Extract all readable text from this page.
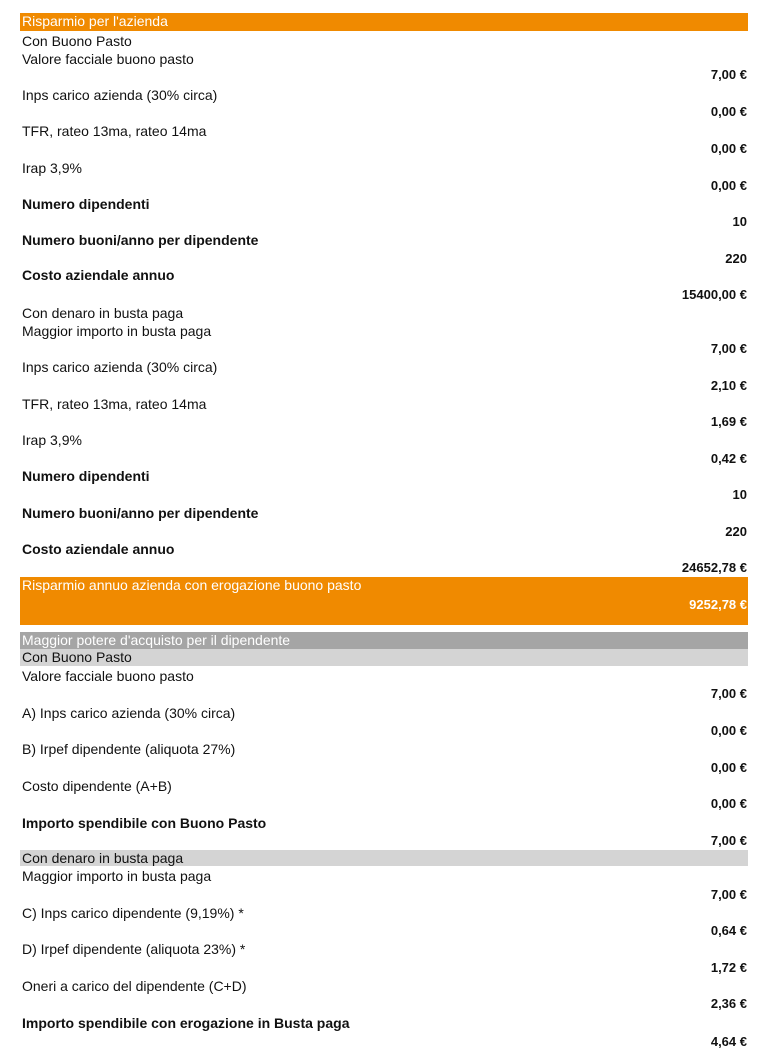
Risparmio per l'azienda
Con Buono Pasto
Valore facciale buono pasto
7,00 €
Inps carico azienda (30% circa)
0,00 €
TFR, rateo 13ma, rateo 14ma
0,00 €
Irap 3,9%
0,00 €
Numero dipendenti
10
Numero buoni/anno per dipendente
220
Costo aziendale annuo
15400,00 €
Con denaro in busta paga
Maggior importo in busta paga
7,00 €
Inps carico azienda (30% circa)
2,10 €
TFR, rateo 13ma, rateo 14ma
1,69 €
Irap 3,9%
0,42 €
Numero dipendenti
10
Numero buoni/anno per dipendente
220
Costo aziendale annuo
24652,78 €
Risparmio annuo azienda con erogazione buono pasto
9252,78 €
Maggior potere d'acquisto per il dipendente
Con Buono Pasto
Valore facciale buono pasto
7,00 €
A) Inps carico azienda (30% circa)
0,00 €
B) Irpef dipendente (aliquota 27%)
0,00 €
Costo dipendente (A+B)
0,00 €
Importo spendibile con Buono Pasto
7,00 €
Con denaro in busta paga
Maggior importo in busta paga
7,00 €
C) Inps carico dipendente (9,19%) *
0,64 €
D) Irpef dipendente (aliquota 23%) *
1,72 €
Oneri a carico del dipendente (C+D)
2,36 €
Importo spendibile con erogazione in Busta paga
4,64 €
